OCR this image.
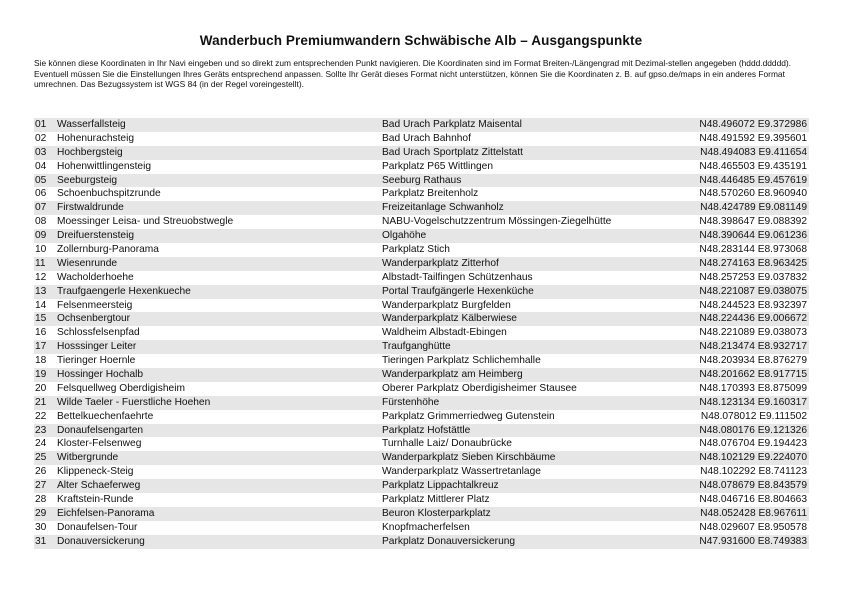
Wanderbuch Premiumwandern Schwäbische Alb – Ausgangspunkte

Sie können diese Koordinaten in Ihr Navi eingeben und so direkt zum entsprechenden Punkt navigieren. Die Koordinaten sind im Format Breiten-/Längengrad mit Dezimal-stellen angegeben (hddd.ddddd).

Eventuell müssen Sie die Einstellungen Ihres Geräts entsprechend anpassen. Sollte Ihr Gerät dieses Format nicht unterstützen, können Sie die Koordinaten z. B. auf gpso.de/maps in ein anderes Format umrechnen. Das Bezugssystem ist WGS 84 (in der Regel voreingestellt).

01	Wasserfallsteig	Bad Urach Parkplatz Maisental	N48.496072 E9.372986
02	Hohenurachsteig	Bad Urach Bahnhof	N48.491592 E9.395601
03	Hochbergsteig	Bad Urach Sportplatz Zittelstatt	N48.494083 E9.411654
04	Hohenwittlingensteig	Parkplatz P65 Wittlingen	N48.465503 E9.435191
05	Seeburgsteig	Seeburg Rathaus	N48.446485 E9.457619
06	Schoenbuchspitzrunde	Parkplatz Breitenholz	N48.570260 E8.960940
07	Firstwaldrunde	Freizeitanlage Schwanholz	N48.424789 E9.081149
08	Moessinger Leisa- und Streuobstwegle	NABU-Vogelschutzzentrum Mössingen-Ziegelhütte	N48.398647 E9.088392
09	Dreifuerstensteig	Olgahöhe	N48.390644 E9.061236
10	Zollernburg-Panorama	Parkplatz Stich	N48.283144 E8.973068
11	Wiesenrunde	Wanderparkplatz Zitterhof	N48.274163 E8.963425
12	Wacholderhoehe	Albstadt-Tailfingen Schützenhaus	N48.257253 E9.037832
13	Traufgaengerle Hexenkueche	Portal Traufgängerle Hexenküche	N48.221087 E9.038075
14	Felsenmeersteig	Wanderparkplatz Burgfelden	N48.244523 E8.932397
15	Ochsenbergtour	Wanderparkplatz Kälberwiese	N48.224436 E9.006672
16	Schlossfelsenpfad	Waldheim Albstadt-Ebingen	N48.221089 E9.038073
17	Hosssinger Leiter	Traufganghütte	N48.213474 E8.932717
18	Tieringer Hoernle	Tieringen Parkplatz Schlichemhalle	N48.203934 E8.876279
19	Hossinger Hochalb	Wanderparkplatz am Heimberg	N48.201662 E8.917715
20	Felsquellweg Oberdigisheim	Oberer Parkplatz Oberdigisheimer Stausee	N48.170393 E8.875099
21	Wilde Taeler - Fuerstliche Hoehen	Fürstenhöhe	N48.123134 E9.160317
22	Bettelkuechenfaehrte	Parkplatz Grimmerriedweg Gutenstein	N48.078012 E9.111502
23	Donaufelsengarten	Parkplatz Hofstättle	N48.080176 E9.121326
24	Kloster-Felsenweg	Turnhalle Laiz/ Donaubrücke	N48.076704 E9.194423
25	Witbergrunde	Wanderparkplatz Sieben Kirschbäume	N48.102129 E9.224070
26	Klippeneck-Steig	Wanderparkplatz Wassertretanlage	N48.102292 E8.741123
27	Alter Schaeferweg	Parkplatz Lippachtalkreuz	N48.078679 E8.843579
28	Kraftstein-Runde	Parkplatz Mittlerer Platz	N48.046716 E8.804663
29	Eichfelsen-Panorama	Beuron Klosterparkplatz	N48.052428 E8.967611
30	Donaufelsen-Tour	Knopfmacherfelsen	N48.029607 E8.950578
31	Donauversickerung	Parkplatz Donauversickerung	N47.931600 E8.749383
